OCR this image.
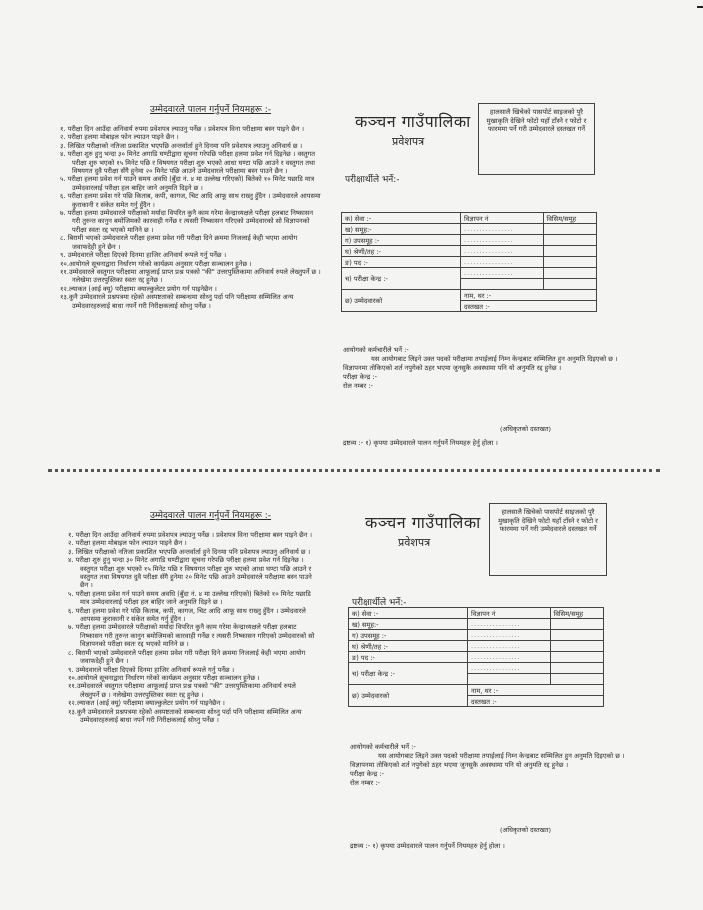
उम्मेदवारले पालन गर्नुपर्ने नियमहरू :-
१. परीक्षा दिन आउँदा अनिवार्य रुपमा प्रवेशपत्र ल्याउनु पर्नेछ । प्रवेशपत्र विना परीक्षामा बस्न पाइने छैन ।
२. परीक्षा हलमा मोबाइल फोन ल्याउन पाइने छैन ।
३. लिखित परीक्षाको नतिजा प्रकाशित भएपछि अन्तर्वार्ता हुने दिनमा पनि प्रवेशपत्र ल्याउनु अनिवार्य छ ।
४. परीक्षा शुरु हुनु भन्दा ३० मिनेट अगाडि घण्टीद्वारा सूचना गरेपछि परीक्षा हलमा प्रवेश गर्न दिइनेछ । वस्तुगत परीक्षा शुरु भएको १५ मिनेट पछि र विषयगत परीक्षा शुरु भएको आधा घण्टा पछि आउने र वस्तुगत तथा विषयगत दुवै परीक्षा सँगै हुनेमा २० मिनेट पछि आउने उम्मेदवारले परीक्षामा बस्न पाउने छैन ।
५. परीक्षा हलमा प्रवेश गर्न पाउने समय अवधि (बुँदा नं. ४ मा उल्लेख गरिएको) बितेको १० मिनेट पछाडि मात्र उम्मेदवारलाई परीक्षा हल बाहिर जाने अनुमति दिइने छ ।
६. परीक्षा हलमा प्रवेश गरे पछि किताब, कपी, कागज, चिट आदि आफू साथ राख्नु हुँदैन । उम्मेदवारले आपसमा कुराकानी र संकेत समेत गर्नु हुँदैन ।
७. परीक्षा हलमा उम्मेदवारले परीक्षाको मर्यादा विपरित कुनै काम गरेमा केन्द्राध्यक्षले परीक्षा हलबाट निष्कासन गरी तुरुन्त कानुन बमोजिमको कारवाही गर्नेछ र त्यसरी निष्कासन गरिएको उम्मेदवारको सो विज्ञापनको परीक्षा स्वतः रद्द भएको मानिने छ ।
८. बिरामी भएको उम्मेदवारले परीक्षा हलमा प्रवेश गरी परीक्षा दिने क्रममा निजलाई केही भएमा आयोग जवाफदेही हुने छैन ।
९. उम्मेदवारले परीक्षा दिएको दिनमा हाजिर अनिवार्य रूपले गर्नु पर्नेछ ।
१०.आयोगले सूचनाद्वारा निर्धारण गरेको कार्यक्रम अनुसार परीक्षा सञ्चालन हुनेछ ।
११.उम्मेदवारले वस्तुगत परीक्षामा आफूलाई प्राप्त प्रश्न पत्रको "की" उत्तरपुस्तिकामा अनिवार्य रुपले लेख्नुपर्ने छ । नलेखेमा उत्तरपुस्तिका स्वतः रद्द हुनेछ ।
१२.ल्याकत (आई क्यू) परीक्षामा क्याल्कुलेटर प्रयोग गर्न पाइनेछैन ।
१३.कुनै उम्मेदवारले प्रश्नपत्रमा रहेको अस्पष्टताको सम्बन्धमा सोध्नु पर्दा पनि परीक्षामा सम्मिलित अन्य उम्मेदवारहरुलाई बाधा नपर्ने गरी निरीक्षकलाई सोध्नु पर्नेछ ।
कञ्चन गाउँपालिका
प्रवेशपत्र
हालसालै खिचेको पासपोर्ट साइजको पुरै मुखाकृति देखिने फोटो यहाँ टाँस्ने र फोटो र फारममा पर्ने गरी उम्मेदवारले दस्तखत गर्ने
परीक्षार्थीले भर्ने:-
क) सेवा :-	विज्ञापन नं	विसिम/समूह
ख) समूह:-	................	
ग) उपसमूह :-	................	
घ) श्रेणी/तह :-	................	
ङ) पद :-	................	
च) परीक्षा केन्द्र :-	................	

छ) उम्मेदवारको	नाम, थर :-	
	दस्तखत :-	
आयोगको कर्मचारीले भर्ने :-
यस आयोगबाट लिइने उक्त पदको परीक्षामा तपाईलाई निम्न केन्द्रबाट सम्मिलित हुन अनुमति दिइएको छ । विज्ञापनमा तोकिएको शर्त नपुगेको ठहर भएमा जुनसुकै अवस्थामा पनि यो अनुमति रद्द हुनेछ ।
परीक्षा केन्द्र :-
रोल नम्बर :-
(अधिकृतको दस्तखत)
द्रष्टव्य :- १) कृपया उम्मेदवारले पालन गर्नुपर्ने नियमहरु हेर्नु होला ।
उम्मेदवारले पालन गर्नुपर्ने नियमहरू :-
१. परीक्षा दिन आउँदा अनिवार्य रुपमा प्रवेशपत्र ल्याउनु पर्नेछ । प्रवेशपत्र विना परीक्षामा बस्न पाइने छैन ।
२. परीक्षा हलमा मोबाइल फोन ल्याउन पाइने छैन ।
३. लिखित परीक्षाको नतिजा प्रकाशित भएपछि अन्तर्वार्ता हुने दिनमा पनि प्रवेशपत्र ल्याउनु अनिवार्य छ ।
४. परीक्षा शुरु हुनु भन्दा ३० मिनेट अगाडि घण्टीद्वारा सूचना गरेपछि परीक्षा हलमा प्रवेश गर्न दिइनेछ । वस्तुगत परीक्षा शुरु भएको १५ मिनेट पछि र विषयगत परीक्षा शुरु भएको आधा घण्टा पछि आउने र वस्तुगत तथा विषयगत दुवै परीक्षा सँगै हुनेमा २० मिनेट पछि आउने उम्मेदवारले परीक्षामा बस्न पाउने छैन ।
५. परीक्षा हलमा प्रवेश गर्न पाउने समय अवधि (बुँदा नं. ४ मा उल्लेख गरिएको) बितेको १० मिनेट पछाडि मात्र उम्मेदवारलाई परीक्षा हल बाहिर जाने अनुमति दिइने छ ।
६. परीक्षा हलमा प्रवेश गरे पछि किताब, कपी, कागज, चिट आदि आफू साथ राख्नु हुँदैन । उम्मेदवारले आपसमा कुराकानी र संकेत समेत गर्नु हुँदैन ।
७. परीक्षा हलमा उम्मेदवारले परीक्षाको मर्यादा विपरित कुनै काम गरेमा केन्द्राध्यक्षले परीक्षा हलबाट निष्कासन गरी तुरुन्त कानुन बमोजिमको कारवाही गर्नेछ र त्यसरी निष्कासन गरिएको उम्मेदवारको सो विज्ञापनको परीक्षा स्वतः रद्द भएको मानिने छ ।
८. बिरामी भएको उम्मेदवारले परीक्षा हलमा प्रवेश गरी परीक्षा दिने क्रममा निजलाई केही भएमा आयोग जवाफदेही हुने छैन ।
९. उम्मेदवारले परीक्षा दिएको दिनमा हाजिर अनिवार्य रूपले गर्नु पर्नेछ ।
१०.आयोगले सूचनाद्वारा निर्धारण गरेको कार्यक्रम अनुसार परीक्षा सञ्चालन हुनेछ ।
११.उम्मेदवारले वस्तुगत परीक्षामा आफूलाई प्राप्त प्रश्न पत्रको "की" उत्तरपुस्तिकामा अनिवार्य रुपले लेख्नुपर्ने छ । नलेखेमा उत्तरपुस्तिका स्वतः रद्द हुनेछ ।
१२.ल्याकत (आई क्यू) परीक्षामा क्याल्कुलेटर प्रयोग गर्न पाइनेछैन ।
१३.कुनै उम्मेदवारले प्रश्नपत्रमा रहेको अस्पष्टताको सम्बन्धमा सोध्नु पर्दा पनि परीक्षामा सम्मिलित अन्य उम्मेदवारहरुलाई बाधा नपर्ने गरी निरीक्षकलाई सोध्नु पर्नेछ ।
कञ्चन गाउँपालिका
प्रवेशपत्र
हालसालै खिचेको पासपोर्ट साइजको पुरै मुखाकृति देखिने फोटो यहाँ टाँस्ने र फोटो र फारममा पर्ने गरी उम्मेदवारले दस्तखत गर्ने
परीक्षार्थीले भर्ने:-
क) सेवा :-	विज्ञापन नं	विसिम/समूह
ख) समूह:-	................	
ग) उपसमूह :-	................	
घ) श्रेणी/तह :-	................	
ङ) पद :-	................	
च) परीक्षा केन्द्र :-	................	

छ) उम्मेदवारको	नाम, थर :-	
	दस्तखत :-	
आयोगको कर्मचारीले भर्ने :-
यस आयोगबाट लिइने उक्त पदको परीक्षामा तपाईलाई निम्न केन्द्रबाट सम्मिलित हुन अनुमति दिइएको छ । विज्ञापनमा तोकिएको शर्त नपुगेको ठहर भएमा जुनसुकै अवस्थामा पनि यो अनुमति रद्द हुनेछ ।
परीक्षा केन्द्र :-
रोल नम्बर :-
(अधिकृतको दस्तखत)
द्रष्टव्य :- १) कृपया उम्मेदवारले पालन गर्नुपर्ने नियमहरु हेर्नु होला ।
